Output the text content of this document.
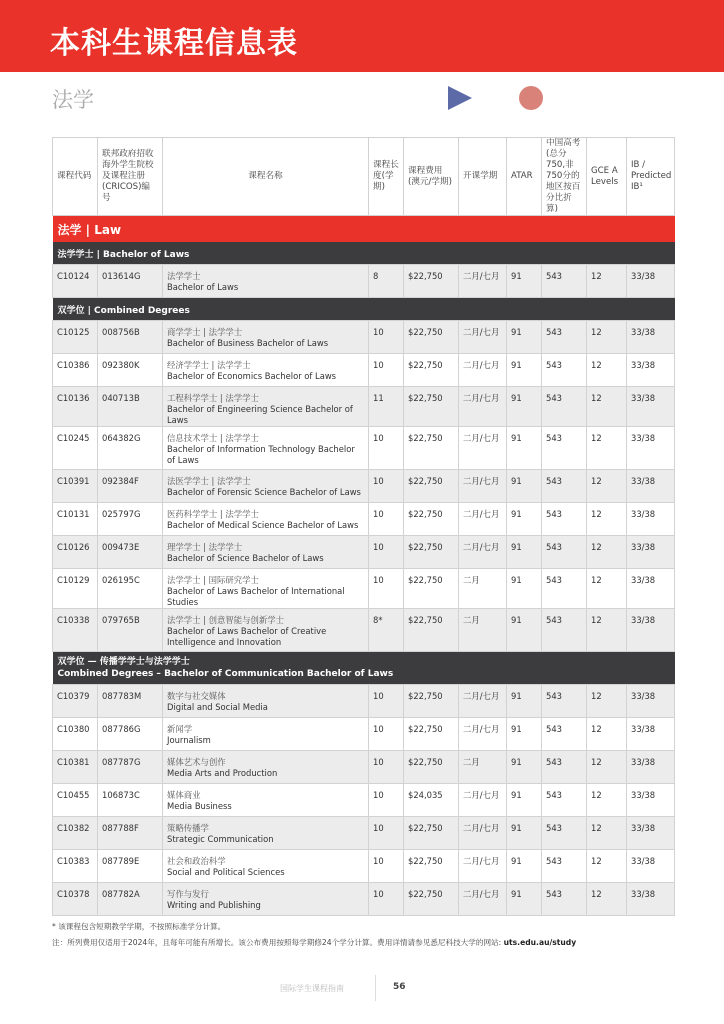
本科生课程信息表
法学
课程代码	联邦政府招收海外学生院校及课程注册(CRICOS)编号	课程名称	课程长度(学期)	课程费用(澳元/学期)	开课学期	ATAR	中国高考(总分750,非750分的地区按百分比折算)	GCE A Levels	IB / Predicted IB¹
法学 | Law									

法学学士 | Bachelor of Laws									

C10124	013614G	法学学士
Bachelor of Laws	8	$22,750	二月/七月	91	543	12	33/38

双学位 | Combined Degrees									

C10125	008756B	商学学士 | 法学学士
Bachelor of Business Bachelor of Laws	10	$22,750	二月/七月	91	543	12	33/38
C10386	092380K	经济学学士 | 法学学士
Bachelor of Economics Bachelor of Laws	10	$22,750	二月/七月	91	543	12	33/38
C10136	040713B	工程科学学士 | 法学学士
Bachelor of Engineering Science Bachelor of Laws	11	$22,750	二月/七月	91	543	12	33/38
C10245	064382G	信息技术学士 | 法学学士
Bachelor of Information Technology Bachelor of Laws	10	$22,750	二月/七月	91	543	12	33/38
C10391	092384F	法医学学士 | 法学学士
Bachelor of Forensic Science Bachelor of Laws	10	$22,750	二月/七月	91	543	12	33/38
C10131	025797G	医药科学学士 | 法学学士
Bachelor of Medical Science Bachelor of Laws	10	$22,750	二月/七月	91	543	12	33/38
C10126	009473E	理学学士 | 法学学士
Bachelor of Science Bachelor of Laws	10	$22,750	二月/七月	91	543	12	33/38
C10129	026195C	法学学士 | 国际研究学士
Bachelor of Laws Bachelor of International Studies	10	$22,750	二月	91	543	12	33/38
C10338	079765B	法学学士 | 创意智能与创新学士
Bachelor of Laws Bachelor of Creative Intelligence and Innovation	8*	$22,750	二月	91	543	12	33/38

双学位 — 传播学学士与法学学士
Combined Degrees – Bachelor of Communication Bachelor of Laws									

C10379	087783M	数字与社交媒体
Digital and Social Media	10	$22,750	二月/七月	91	543	12	33/38
C10380	087786G	新闻学
Journalism	10	$22,750	二月/七月	91	543	12	33/38
C10381	087787G	媒体艺术与创作
Media Arts and Production	10	$22,750	二月	91	543	12	33/38
C10455	106873C	媒体商业
Media Business	10	$24,035	二月/七月	91	543	12	33/38
C10382	087788F	策略传播学
Strategic Communication	10	$22,750	二月/七月	91	543	12	33/38
C10383	087789E	社会和政治科学
Social and Political Sciences	10	$22,750	二月/七月	91	543	12	33/38
C10378	087782A	写作与发行
Writing and Publishing	10	$22,750	二月/七月	91	543	12	33/38
* 该课程包含短期教学学期，不按照标准学分计算。
注：所列费用仅适用于2024年，且每年可能有所增长。该公布费用按照每学期修24个学分计算。费用详情请参见悉尼科技大学的网站: uts.edu.au/study
国际学生课程指南	56
